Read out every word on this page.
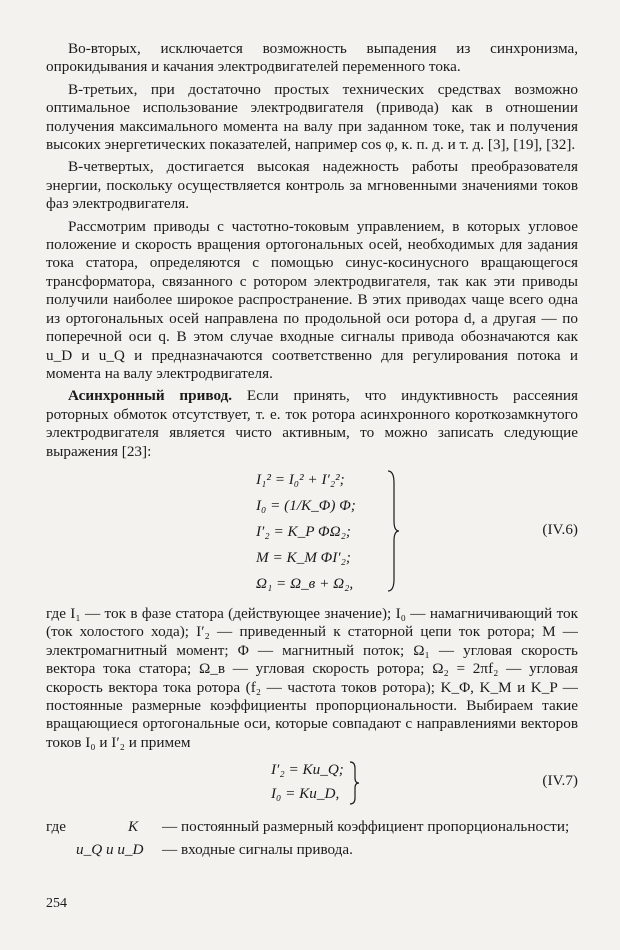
Во-вторых, исключается возможность выпадения из синхронизма, опрокидывания и качания электродвигателей переменного тока.

В-третьих, при достаточно простых технических средствах возможно оптимальное использование электродвигателя (привода) как в отношении получения максимального момента на валу при заданном токе, так и получения высоких энергетических показателей, например cos φ, к. п. д. и т. д. [3], [19], [32].

В-четвертых, достигается высокая надежность работы преобразователя энергии, поскольку осуществляется контроль за мгновенными значениями токов фаз электродвигателя.

Рассмотрим приводы с частотно-токовым управлением, в которых угловое положение и скорость вращения ортогональных осей, необходимых для задания тока статора, определяются с помощью синус-косинусного вращающегося трансформатора, связанного с ротором электродвигателя, так как эти приводы получили наиболее широкое распространение. В этих приводах чаще всего одна из ортогональных осей направлена по продольной оси ротора d, а другая — по поперечной оси q. В этом случае входные сигналы привода обозначаются как u_D и u_Q и предназначаются соответственно для регулирования потока и момента на валу электродвигателя.

Асинхронный привод. Если принять, что индуктивность рассеяния роторных обмоток отсутствует, т. е. ток ротора асинхронного короткозамкнутого электродвигателя является чисто активным, то можно записать следующие выражения [23]:

I₁² = I₀² + I′₂²;
I₀ = (1/K_Φ) Φ;
I′₂ = K_P ΦΩ₂;
M = K_M ΦI′₂;
Ω₁ = Ω_в + Ω₂,
(IV.6)

где I₁ — ток в фазе статора (действующее значение); I₀ — намагничивающий ток (ток холостого хода); I′₂ — приведенный к статорной цепи ток ротора; M — электромагнитный момент; Φ — магнитный поток; Ω₁ — угловая скорость вектора тока статора; Ω_в — угловая скорость ротора; Ω₂ = 2πf₂ — угловая скорость вектора тока ротора (f₂ — частота токов ротора); K_Φ, K_M и K_P — постоянные размерные коэффициенты пропорциональности. Выбираем такие вращающиеся ортогональные оси, которые совпадают с направлениями векторов токов I₀ и I′₂ и примем

I′₂ = Ku_Q;
I₀ = Ku_D,
(IV.7)
где	K	— постоянный размерный коэффициент пропорциональности;
u_Q и u_D	— входные сигналы привода.
254
